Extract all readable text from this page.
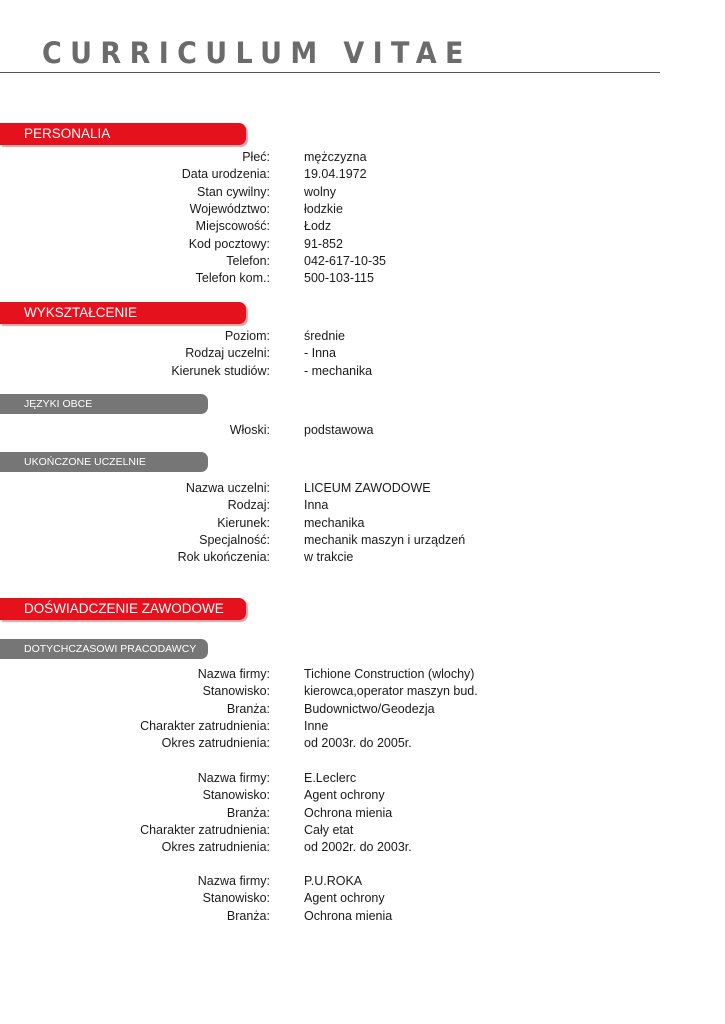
CURRICULUM VITAE
PERSONALIA
Płeć:	mężczyzna
Data urodzenia:	19.04.1972
Stan cywilny:	wolny
Województwo:	łodzkie
Miejscowość:	Łodz
Kod pocztowy:	91-852
Telefon:	042-617-10-35
Telefon kom.:	500-103-115
WYKSZTAŁCENIE
Poziom:	średnie
Rodzaj uczelni:	- Inna
Kierunek studiów:	- mechanika
JĘZYKI OBCE
Włoski:	podstawowa
UKOŃCZONE UCZELNIE
Nazwa uczelni:	LICEUM ZAWODOWE
Rodzaj:	Inna
Kierunek:	mechanika
Specjalność:	mechanik maszyn i urządzeń
Rok ukończenia:	w trakcie
DOŚWIADCZENIE ZAWODOWE
DOTYCHCZASOWI PRACODAWCY
Nazwa firmy:	Tichione Construction (wlochy)
Stanowisko:	kierowca,operator maszyn bud.
Branża:	Budownictwo/Geodezja
Charakter zatrudnienia:	Inne
Okres zatrudnienia:	od 2003r. do 2005r.
Nazwa firmy:	E.Leclerc
Stanowisko:	Agent ochrony
Branża:	Ochrona mienia
Charakter zatrudnienia:	Cały etat
Okres zatrudnienia:	od 2002r. do 2003r.
Nazwa firmy:	P.U.ROKA
Stanowisko:	Agent ochrony
Branża:	Ochrona mienia
